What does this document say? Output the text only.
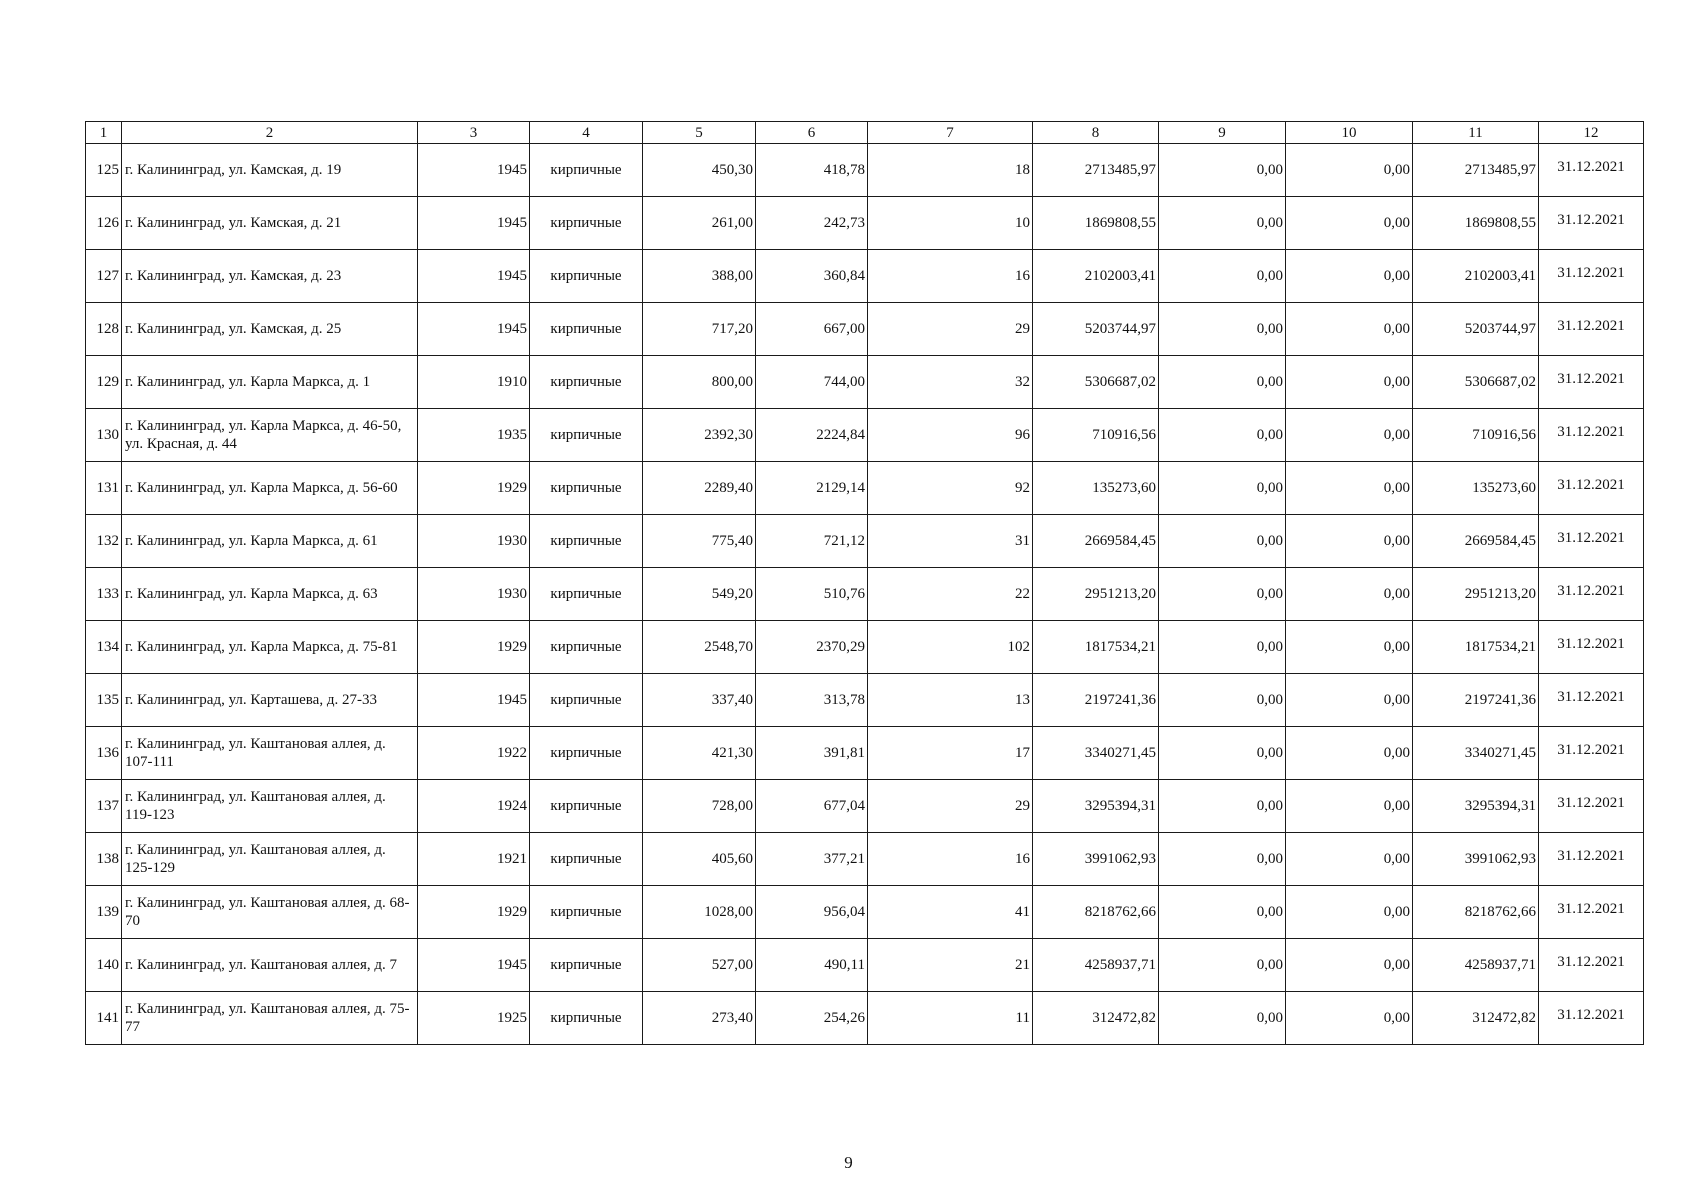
1	2	3	4	5	6	7	8	9	10	11	12
125	г. Калининград, ул. Камская, д. 19	1945	кирпичные	450,30	418,78	18	2713485,97	0,00	0,00	2713485,97	31.12.2021
126	г. Калининград, ул. Камская, д. 21	1945	кирпичные	261,00	242,73	10	1869808,55	0,00	0,00	1869808,55	31.12.2021
127	г. Калининград, ул. Камская, д. 23	1945	кирпичные	388,00	360,84	16	2102003,41	0,00	0,00	2102003,41	31.12.2021
128	г. Калининград, ул. Камская, д. 25	1945	кирпичные	717,20	667,00	29	5203744,97	0,00	0,00	5203744,97	31.12.2021
129	г. Калининград, ул. Карла Маркса, д. 1	1910	кирпичные	800,00	744,00	32	5306687,02	0,00	0,00	5306687,02	31.12.2021
130	г. Калининград, ул. Карла Маркса, д. 46-50, ул. Красная, д. 44	1935	кирпичные	2392,30	2224,84	96	710916,56	0,00	0,00	710916,56	31.12.2021
131	г. Калининград, ул. Карла Маркса, д. 56-60	1929	кирпичные	2289,40	2129,14	92	135273,60	0,00	0,00	135273,60	31.12.2021
132	г. Калининград, ул. Карла Маркса, д. 61	1930	кирпичные	775,40	721,12	31	2669584,45	0,00	0,00	2669584,45	31.12.2021
133	г. Калининград, ул. Карла Маркса, д. 63	1930	кирпичные	549,20	510,76	22	2951213,20	0,00	0,00	2951213,20	31.12.2021
134	г. Калининград, ул. Карла Маркса, д. 75-81	1929	кирпичные	2548,70	2370,29	102	1817534,21	0,00	0,00	1817534,21	31.12.2021
135	г. Калининград, ул. Карташева, д. 27-33	1945	кирпичные	337,40	313,78	13	2197241,36	0,00	0,00	2197241,36	31.12.2021
136	г. Калининград, ул. Каштановая аллея, д. 107-111	1922	кирпичные	421,30	391,81	17	3340271,45	0,00	0,00	3340271,45	31.12.2021
137	г. Калининград, ул. Каштановая аллея, д. 119-123	1924	кирпичные	728,00	677,04	29	3295394,31	0,00	0,00	3295394,31	31.12.2021
138	г. Калининград, ул. Каштановая аллея, д. 125-129	1921	кирпичные	405,60	377,21	16	3991062,93	0,00	0,00	3991062,93	31.12.2021
139	г. Калининград, ул. Каштановая аллея, д. 68-70	1929	кирпичные	1028,00	956,04	41	8218762,66	0,00	0,00	8218762,66	31.12.2021
140	г. Калининград, ул. Каштановая аллея, д. 7	1945	кирпичные	527,00	490,11	21	4258937,71	0,00	0,00	4258937,71	31.12.2021
141	г. Калининград, ул. Каштановая аллея, д. 75-77	1925	кирпичные	273,40	254,26	11	312472,82	0,00	0,00	312472,82	31.12.2021
9
